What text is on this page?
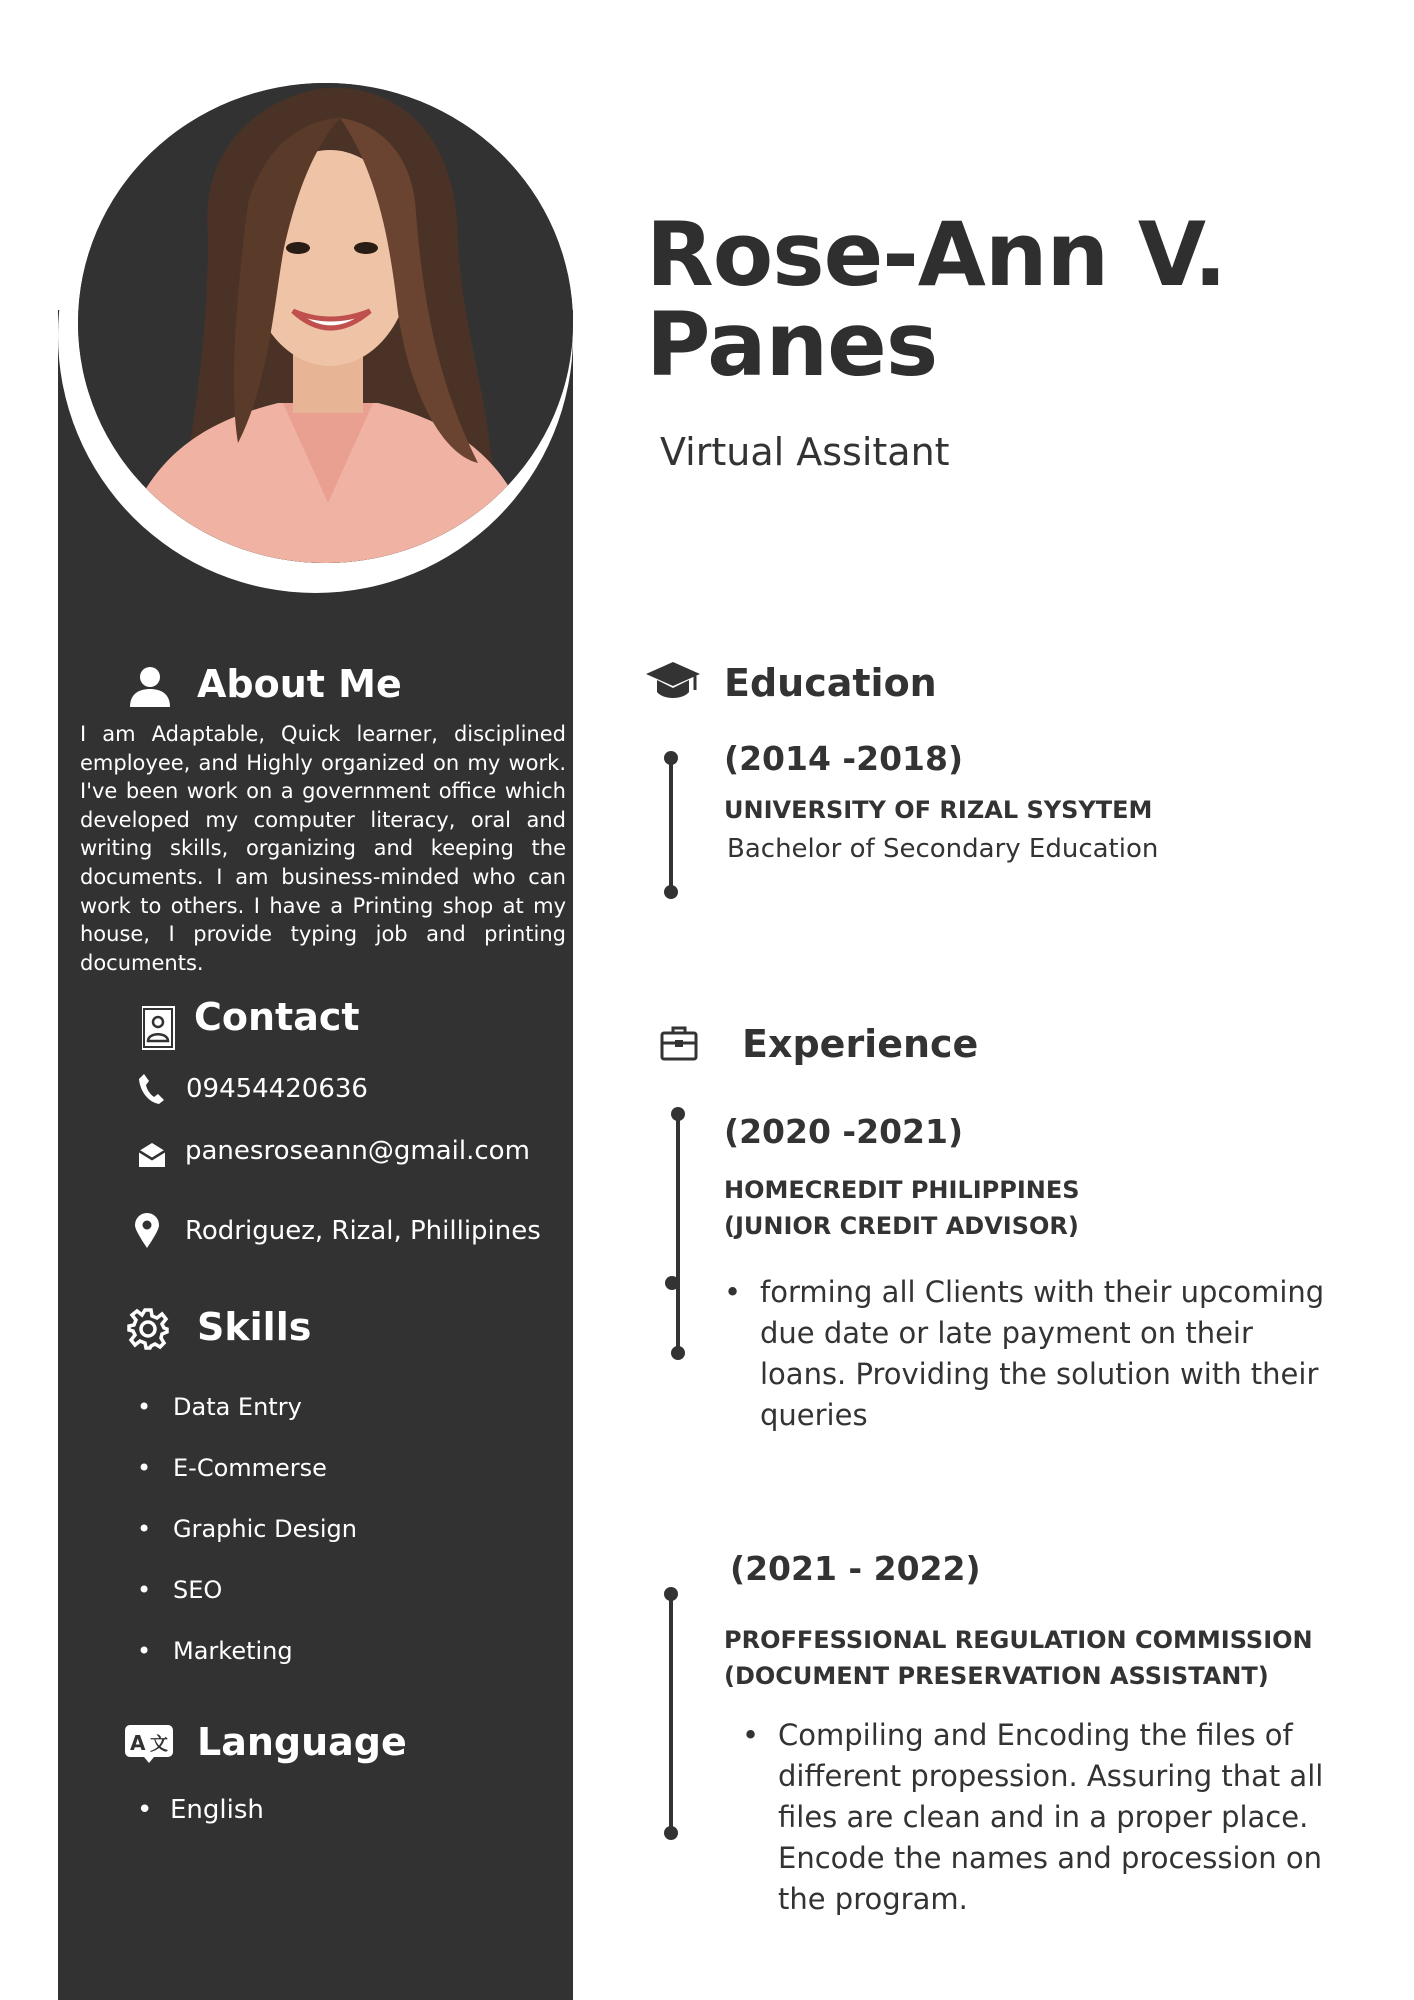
About Me
I am Adaptable, Quick learner, disciplined employee, and Highly organized on my work. I've been work on a government office which developed my computer literacy, oral and writing skills, organizing and keeping the documents. I am business-minded who can work to others. I have a Printing shop at my house, I provide typing job and printing documents.
Contact
09454420636
panesroseann@gmail.com
Rodriguez, Rizal, Phillipines
Skills
• Data Entry
• E-Commerse
• Graphic Design
• SEO
• Marketing
A 文 Language
• English
Rose-Ann V.
Panes
Virtual Assitant
Education
(2014 -2018)
UNIVERSITY OF RIZAL SYSYTEM
Bachelor of Secondary Education
Experience
(2020 -2021)
HOMECREDIT PHILIPPINES
(JUNIOR CREDIT ADVISOR)
• forming all Clients with their upcoming due date or late payment on their loans. Providing the solution with their queries
(2021 - 2022)
PROFFESSIONAL REGULATION COMMISSION
(DOCUMENT PRESERVATION ASSISTANT)
• Compiling and Encoding the files of different propession. Assuring that all files are clean and in a proper place. Encode the names and procession on the program.
